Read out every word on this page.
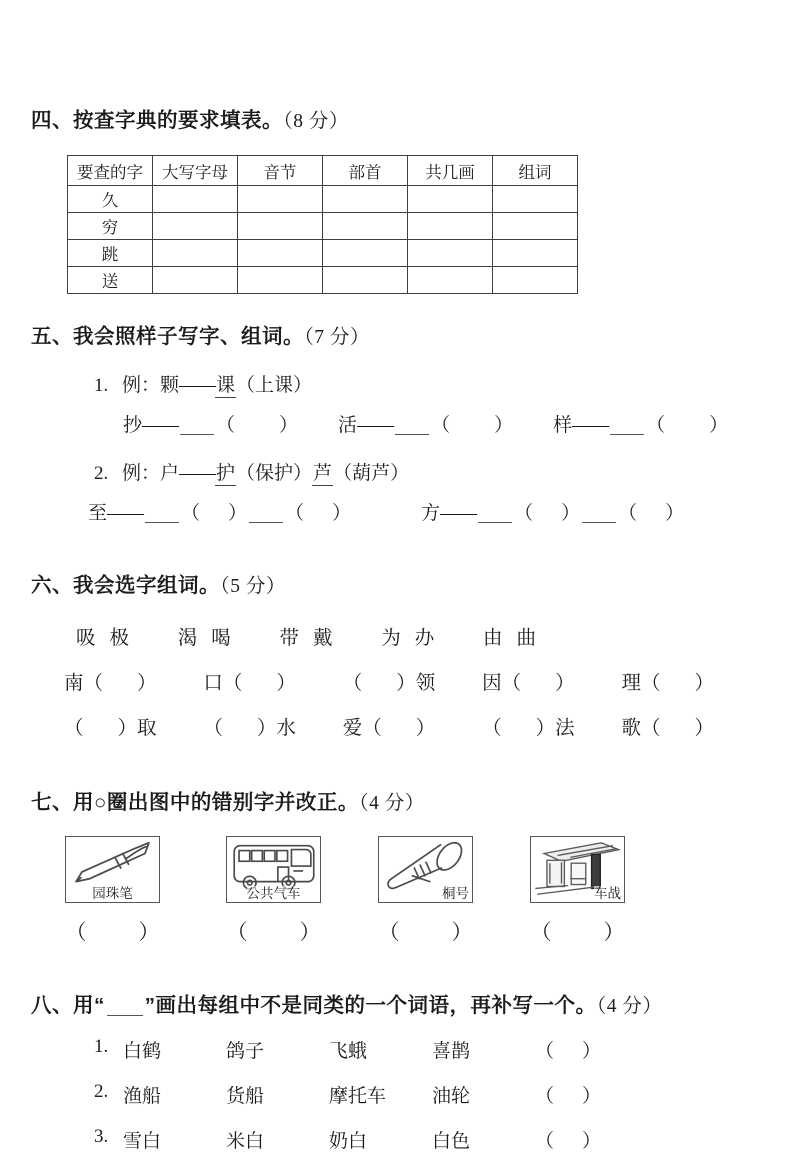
四、按查字典的要求填表。（8 分）
要查的字	大写字母	音节	部首	共几画	组词
久					
穷					
跳					
送					
五、我会照样子写字、组词。（7 分）
1. 例：颗——课（上课）
抄—— （ ） 活—— （ ） 样—— （ ）
2. 例：户——护（保护）芦（葫芦）
至—— （ ） （ ）	方—— （ ） （ ）
六、我会选字组词。（5 分）
吸 极 渴 喝 带 戴 为 办 由 曲
南（ ） 口（ ） （ ）领 因（ ） 理（ ）
（ ）取 （ ）水 爱（ ） （ ）法 歌（ ）
七、用○圈出图中的错别字并改正。（4 分）
园珠笔
（ ）
公共气车
（ ）
桐号
（ ）
车战
（ ）
八、用“ ”画出每组中不是同类的一个词语，再补写一个。（4 分）
1. 白鹤	鸽子	飞蛾	喜鹊	（ ）
2. 渔船	货船	摩托车	油轮	（ ）
3. 雪白	米白	奶白	白色	（ ）
